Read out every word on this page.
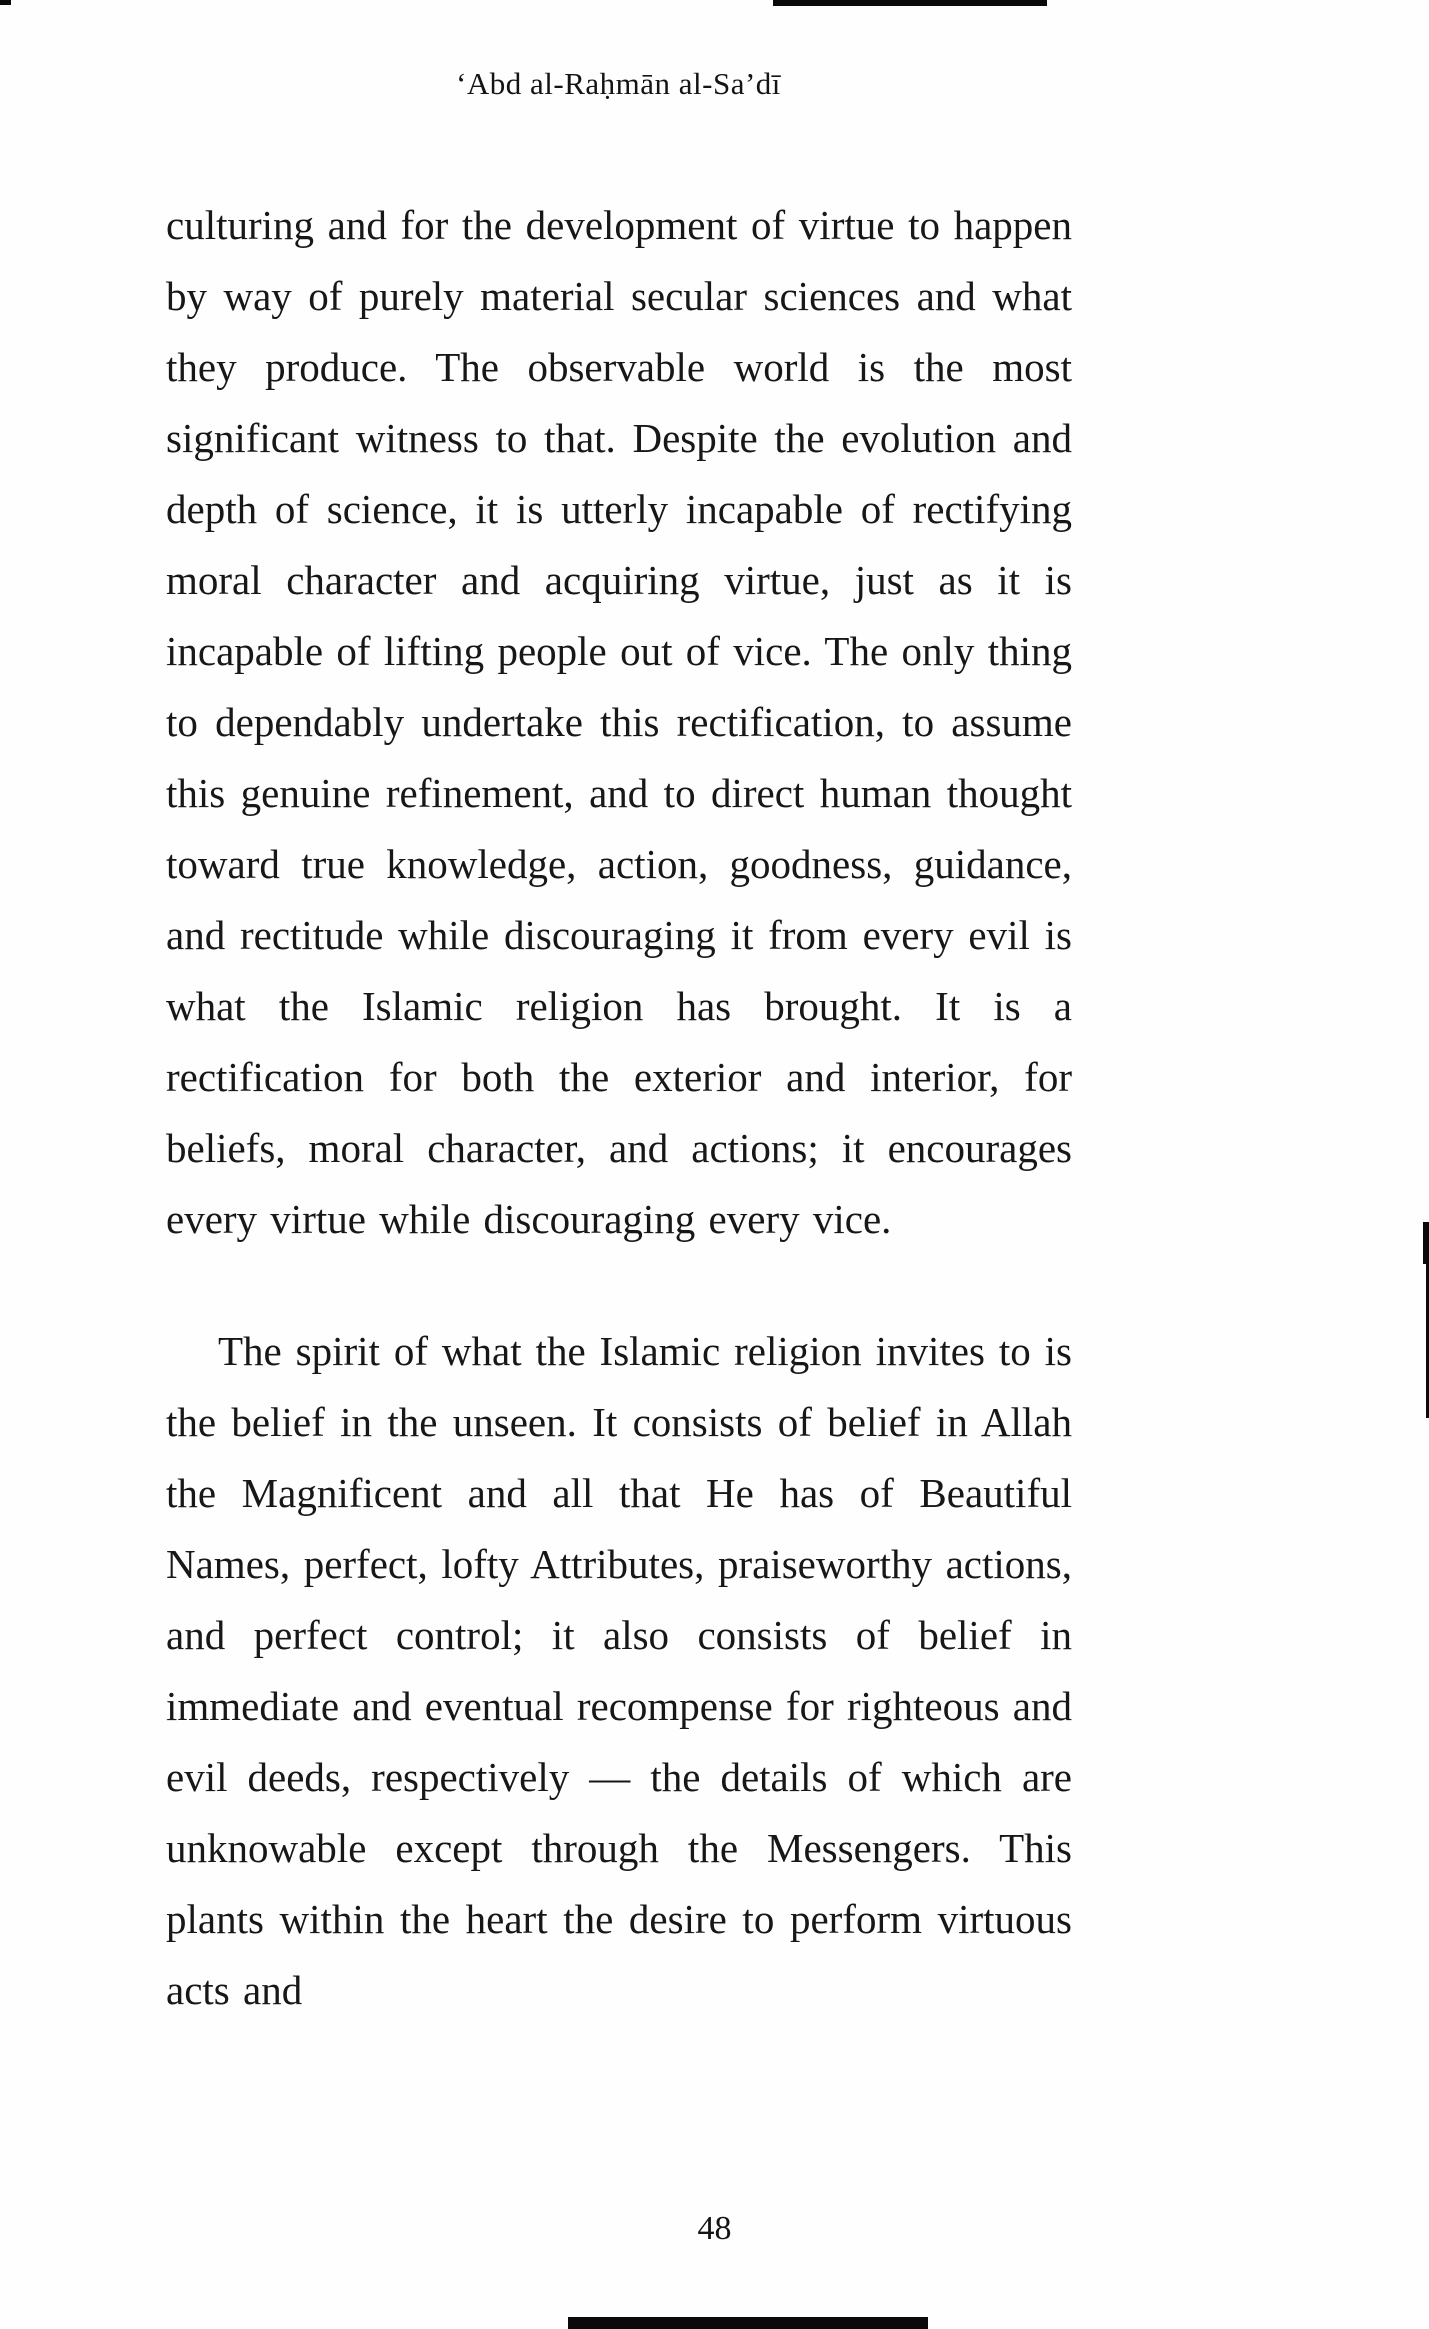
‘Abd al-Raḥmān al-Sa’dī

culturing and for the development of virtue to happen by way of purely material secular sciences and what they produce. The observable world is the most significant witness to that. Despite the evolution and depth of science, it is utterly incapable of rectifying moral character and acquiring virtue, just as it is incapable of lifting people out of vice. The only thing to dependably undertake this rectification, to assume this genuine refinement, and to direct human thought toward true knowledge, action, goodness, guidance, and rectitude while discouraging it from every evil is what the Islamic religion has brought. It is a rectification for both the exterior and interior, for beliefs, moral character, and actions; it encourages every virtue while discouraging every vice.

The spirit of what the Islamic religion invites to is the belief in the unseen. It consists of belief in Allah the Magnificent and all that He has of Beautiful Names, perfect, lofty Attributes, praiseworthy actions, and perfect control; it also consists of belief in immediate and eventual recompense for righteous and evil deeds, respectively — the details of which are unknowable except through the Messengers. This plants within the heart the desire to perform virtuous acts and

48
